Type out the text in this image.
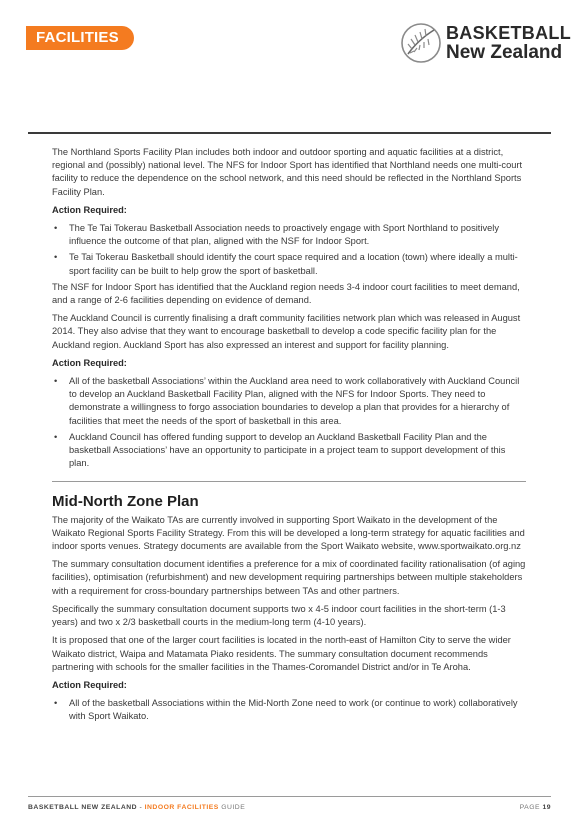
FACILITIES	BASKETBALL
New Zealand

The Northland Sports Facility Plan includes both indoor and outdoor sporting and aquatic facilities at a district, regional and (possibly) national level. The NFS for Indoor Sport has identified that Northland needs one multi-court facility to reduce the dependence on the school network, and this need should be reflected in the Northland Sports Facility Plan.

Action Required:

• The Te Tai Tokerau Basketball Association needs to proactively engage with Sport Northland to positively influence the outcome of that plan, aligned with the NSF for Indoor Sport.
• Te Tai Tokerau Basketball should identify the court space required and a location (town) where ideally a multi-sport facility can be built to help grow the sport of basketball.

The NSF for Indoor Sport has identified that the Auckland region needs 3-4 indoor court facilities to meet demand, and a range of 2-6 facilities depending on evidence of demand.

The Auckland Council is currently finalising a draft community facilities network plan which was released in August 2014. They also advise that they want to encourage basketball to develop a code specific facility plan for the Auckland region. Auckland Sport has also expressed an interest and support for facility planning.

Action Required:

• All of the basketball Associations’ within the Auckland area need to work collaboratively with Auckland Council to develop an Auckland Basketball Facility Plan, aligned with the NFS for Indoor Sports. They need to demonstrate a willingness to forgo association boundaries to develop a plan that provides for a hierarchy of facilities that meet the needs of the sport of basketball in this area.
• Auckland Council has offered funding support to develop an Auckland Basketball Facility Plan and the basketball Associations’ have an opportunity to participate in a project team to support development of this plan.
Mid-North Zone Plan

The majority of the Waikato TAs are currently involved in supporting Sport Waikato in the development of the Waikato Regional Sports Facility Strategy. From this will be developed a long-term strategy for aquatic facilities and indoor sports venues. Strategy documents are available from the Sport Waikato website, www.sportwaikato.org.nz

The summary consultation document identifies a preference for a mix of coordinated facility rationalisation (of aging facilities), optimisation (refurbishment) and new development requiring partnerships between multiple stakeholders with a requirement for cross-boundary partnerships between TAs and other partners.

Specifically the summary consultation document supports two x 4-5 indoor court facilities in the short-term (1-3 years) and two x 2/3 basketball courts in the medium-long term (4-10 years).

It is proposed that one of the larger court facilities is located in the north-east of Hamilton City to serve the wider Waikato district, Waipa and Matamata Piako residents. The summary consultation document recommends partnering with schools for the smaller facilities in the Thames-Coromandel District and/or in Te Aroha.

Action Required:

• All of the basketball Associations within the Mid-North Zone need to work (or continue to work) collaboratively with Sport Waikato.
BASKETBALL NEW ZEALAND - INDOOR FACILITIES GUIDE	PAGE 19
